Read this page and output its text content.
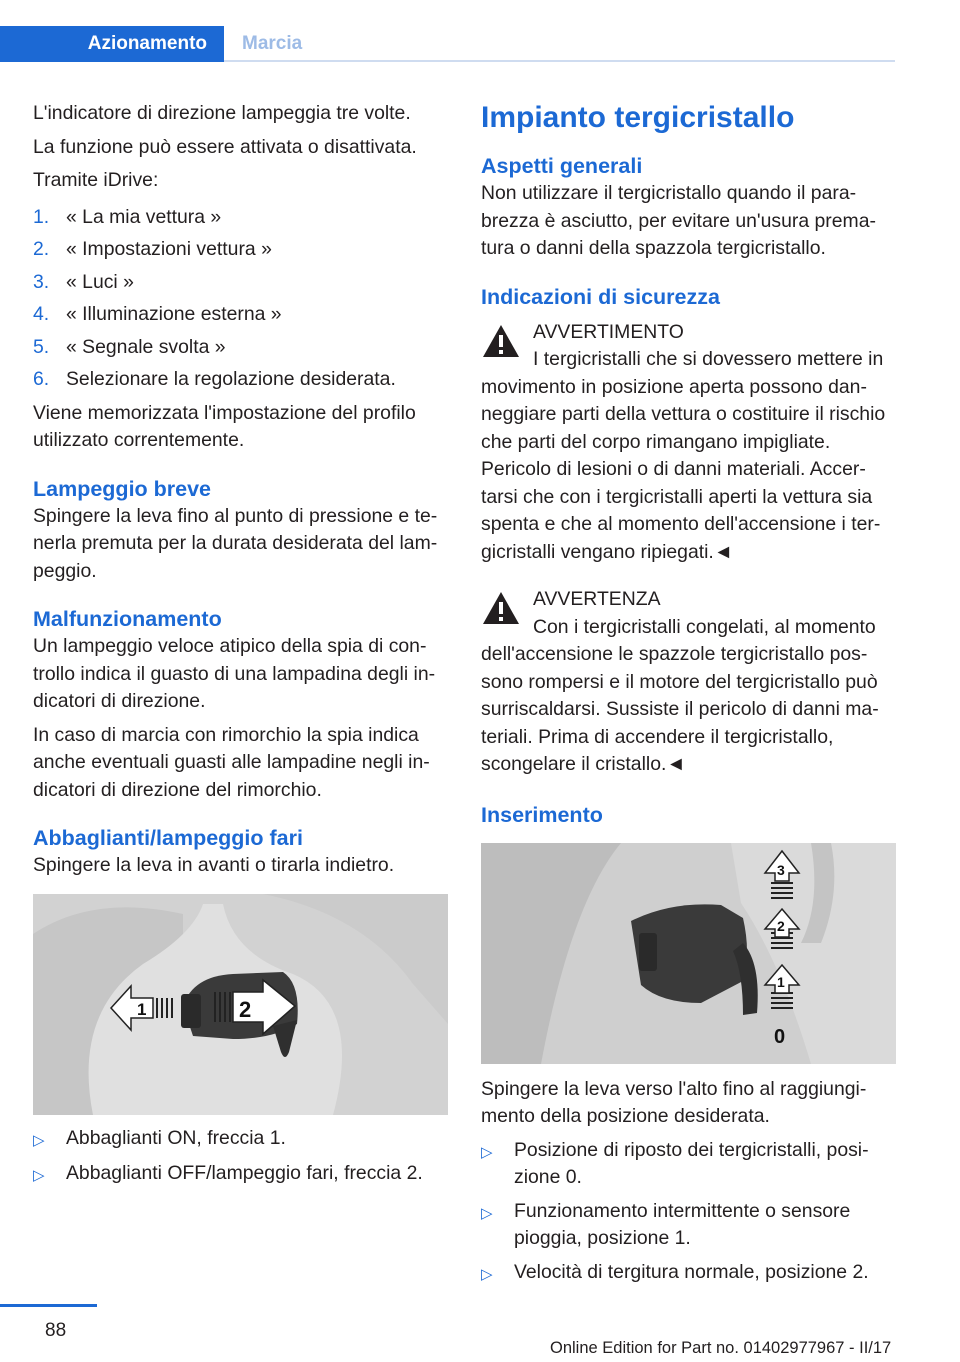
Azionamento	Marcia

L'indicatore di direzione lampeggia tre volte.

La funzione può essere attivata o disattivata.

Tramite iDrive:

1. « La mia vettura »
2. « Impostazioni vettura »
3. « Luci »
4. « Illuminazione esterna »
5. « Segnale svolta »
6. Selezionare la regolazione desiderata.

Viene memorizzata l'impostazione del profilo utilizzato correntemente.

Lampeggio breve

Spingere la leva fino al punto di pressione e tenerla premuta per la durata desiderata del lampeggio.

Malfunzionamento

Un lampeggio veloce atipico della spia di controllo indica il guasto di una lampadina degli indicatori di direzione.

In caso di marcia con rimorchio la spia indica anche eventuali guasti alle lampadine negli indicatori di direzione del rimorchio.

Abbaglianti/lampeggio fari

Spingere la leva in avanti o tirarla indietro.

1	2
▷	Abbaglianti ON, freccia 1.
▷	Abbaglianti OFF/lampeggio fari, freccia 2.
Impianto tergicristallo
Aspetti generali

Non utilizzare il tergicristallo quando il parabrezza è asciutto, per evitare un'usura prematura o danni della spazzola tergicristallo.

Indicazioni di sicurezza
AVVERTIMENTO
I tergicristalli che si dovessero mettere in
movimento in posizione aperta possono danneggiare parti della vettura o costituire il rischio che parti del corpo rimangano impigliate. Pericolo di lesioni o di danni materiali. Accertarsi che con i tergicristalli aperti la vettura sia spenta e che al momento dell'accensione i tergicristalli vengano ripiegati.◄
AVVERTENZA
Con i tergicristalli congelati, al momento
dell'accensione le spazzole tergicristallo possono rompersi e il motore del tergicristallo può surriscaldarsi. Sussiste il pericolo di danni materiali. Prima di accendere il tergicristallo, scongelare il cristallo.◄
Inserimento
3
2
1
0

Spingere la leva verso l'alto fino al raggiungimento della posizione desiderata.

▷	Posizione di riposto dei tergicristalli, posizione 0.
▷	Funzionamento intermittente o sensore pioggia, posizione 1.
▷	Velocità di tergitura normale, posizione 2.
88
Online Edition for Part no. 01402977967 - II/17
